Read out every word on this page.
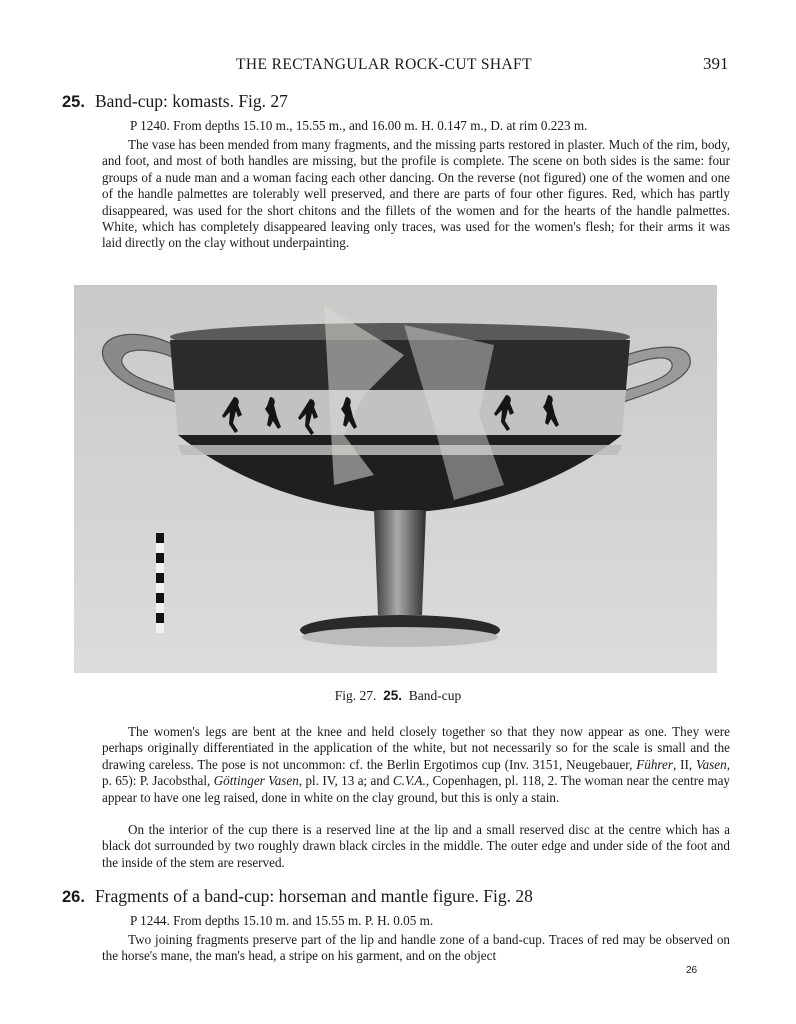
THE RECTANGULAR ROCK-CUT SHAFT	391
25. Band-cup: komasts. Fig. 27
P 1240. From depths 15.10 m., 15.55 m., and 16.00 m. H. 0.147 m., D. at rim 0.223 m.

The vase has been mended from many fragments, and the missing parts restored in plaster. Much of the rim, body, and foot, and most of both handles are missing, but the profile is complete. The scene on both sides is the same: four groups of a nude man and a woman facing each other dancing. On the reverse (not figured) one of the women and one of the handle palmettes are tolerably well preserved, and there are parts of four other figures. Red, which has partly disappeared, was used for the short chitons and the fillets of the women and for the hearts of the handle palmettes. White, which has completely disappeared leaving only traces, was used for the women's flesh; for their arms it was laid directly on the clay without underpainting.

Fig. 27. 25. Band-cup

The women's legs are bent at the knee and held closely together so that they now appear as one. They were perhaps originally differentiated in the application of the white, but not necessarily so for the scale is small and the drawing careless. The pose is not uncommon: cf. the Berlin Ergotimos cup (Inv. 3151, Neugebauer, Führer, II, Vasen, p. 65): P. Jacobsthal, Göttinger Vasen, pl. IV, 13 a; and C.V.A., Copenhagen, pl. 118, 2. The woman near the centre may appear to have one leg raised, done in white on the clay ground, but this is only a stain.

On the interior of the cup there is a reserved line at the lip and a small reserved disc at the centre which has a black dot surrounded by two roughly drawn black circles in the middle. The outer edge and under side of the foot and the inside of the stem are reserved.

26. Fragments of a band-cup: horseman and mantle figure. Fig. 28
P 1244. From depths 15.10 m. and 15.55 m. P. H. 0.05 m.

Two joining fragments preserve part of the lip and handle zone of a band-cup. Traces of red may be observed on the horse's mane, the man's head, a stripe on his garment, and on the object

26
